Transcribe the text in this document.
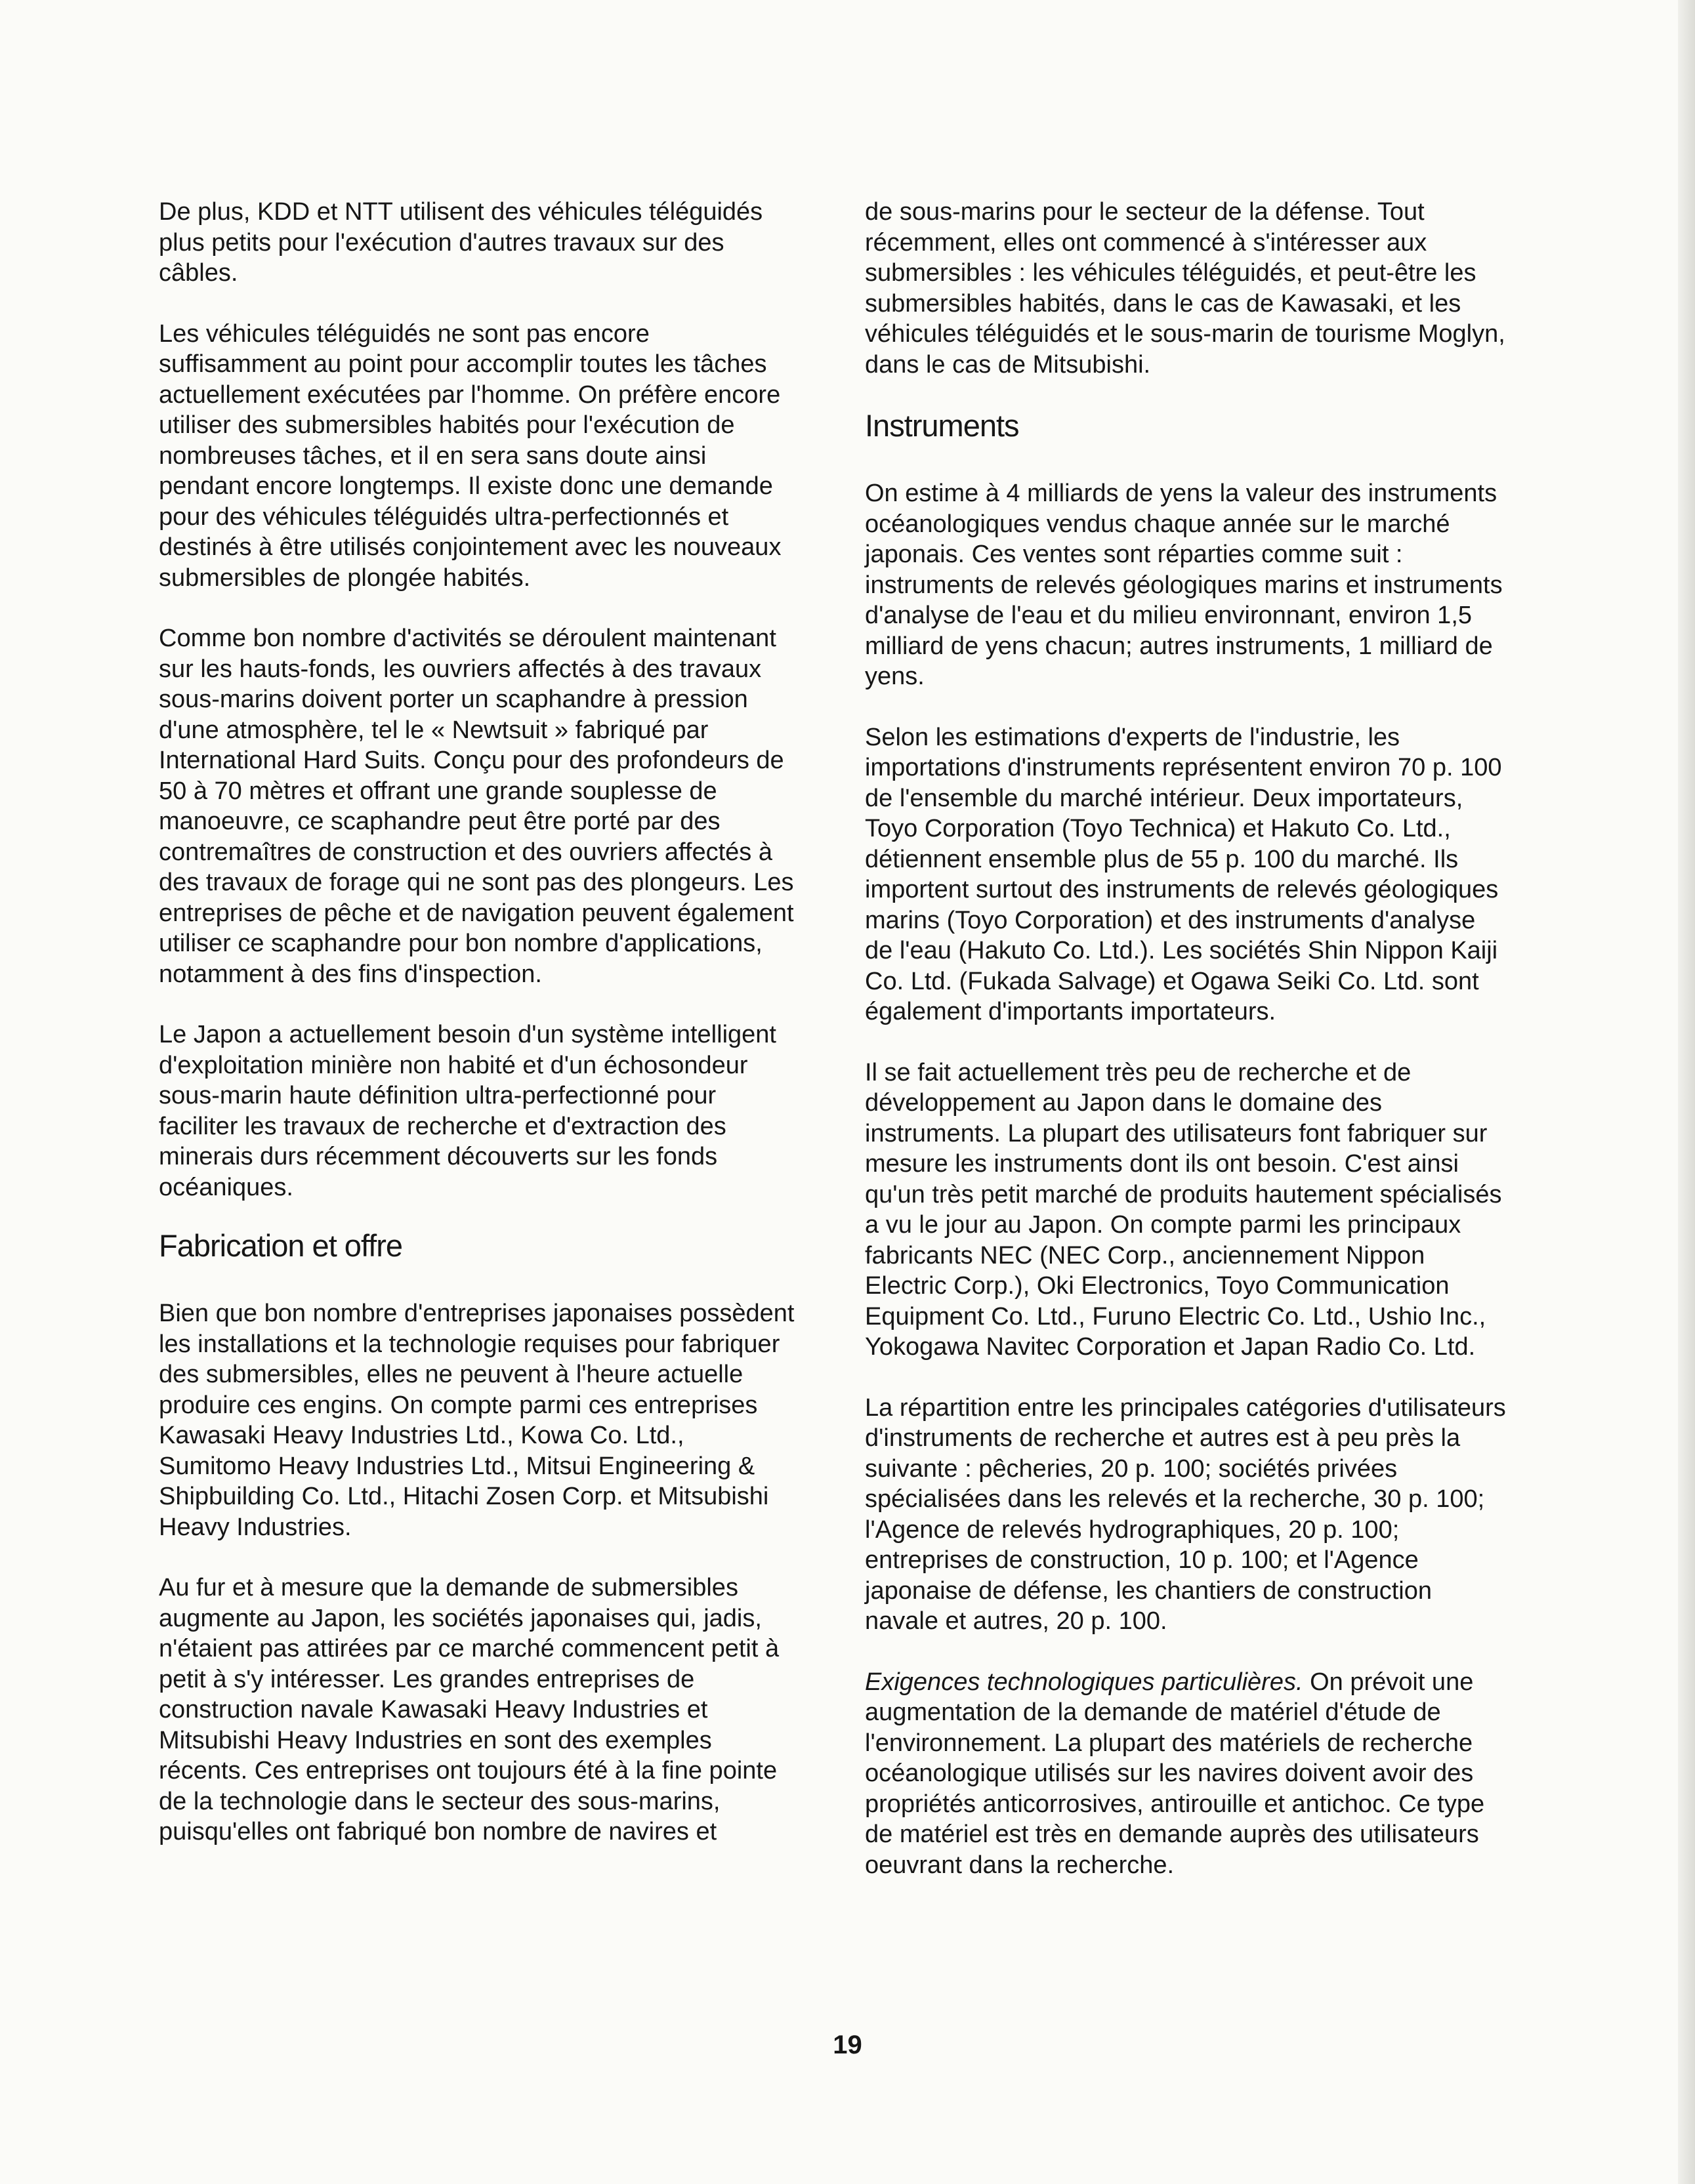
De plus, KDD et NTT utilisent des véhicules téléguidés plus petits pour l'exécution d'autres travaux sur des câbles.

Les véhicules téléguidés ne sont pas encore suffisamment au point pour accomplir toutes les tâches actuellement exécutées par l'homme. On préfère encore utiliser des submersibles habités pour l'exécution de nombreuses tâches, et il en sera sans doute ainsi pendant encore longtemps. Il existe donc une demande pour des véhicules téléguidés ultra-perfectionnés et destinés à être utilisés conjointement avec les nouveaux submersibles de plongée habités.

Comme bon nombre d'activités se déroulent maintenant sur les hauts-fonds, les ouvriers affectés à des travaux sous-marins doivent porter un scaphandre à pression d'une atmosphère, tel le « Newtsuit » fabriqué par International Hard Suits. Conçu pour des profondeurs de 50 à 70 mètres et offrant une grande souplesse de manoeuvre, ce scaphandre peut être porté par des contremaîtres de construction et des ouvriers affectés à des travaux de forage qui ne sont pas des plongeurs. Les entreprises de pêche et de navigation peuvent également utiliser ce scaphandre pour bon nombre d'applications, notamment à des fins d'inspection.

Le Japon a actuellement besoin d'un système intelligent d'exploitation minière non habité et d'un échosondeur sous-marin haute définition ultra-perfectionné pour faciliter les travaux de recherche et d'extraction des minerais durs récemment découverts sur les fonds océaniques.

Fabrication et offre

Bien que bon nombre d'entreprises japonaises possèdent les installations et la technologie requises pour fabriquer des submersibles, elles ne peuvent à l'heure actuelle produire ces engins. On compte parmi ces entreprises Kawasaki Heavy Industries Ltd., Kowa Co. Ltd., Sumitomo Heavy Industries Ltd., Mitsui Engineering & Shipbuilding Co. Ltd., Hitachi Zosen Corp. et Mitsubishi Heavy Industries.

Au fur et à mesure que la demande de submersibles augmente au Japon, les sociétés japonaises qui, jadis, n'étaient pas attirées par ce marché commencent petit à petit à s'y intéresser. Les grandes entreprises de construction navale Kawasaki Heavy Industries et Mitsubishi Heavy Industries en sont des exemples récents. Ces entreprises ont toujours été à la fine pointe de la technologie dans le secteur des sous-marins, puisqu'elles ont fabriqué bon nombre de navires et

de sous-marins pour le secteur de la défense. Tout récemment, elles ont commencé à s'intéresser aux submersibles : les véhicules téléguidés, et peut-être les submersibles habités, dans le cas de Kawasaki, et les véhicules téléguidés et le sous-marin de tourisme Moglyn, dans le cas de Mitsubishi.

Instruments

On estime à 4 milliards de yens la valeur des instruments océanologiques vendus chaque année sur le marché japonais. Ces ventes sont réparties comme suit : instruments de relevés géologiques marins et instruments d'analyse de l'eau et du milieu environnant, environ 1,5 milliard de yens chacun; autres instruments, 1 milliard de yens.

Selon les estimations d'experts de l'industrie, les importations d'instruments représentent environ 70 p. 100 de l'ensemble du marché intérieur. Deux importateurs, Toyo Corporation (Toyo Technica) et Hakuto Co. Ltd., détiennent ensemble plus de 55 p. 100 du marché. Ils importent surtout des instruments de relevés géologiques marins (Toyo Corporation) et des instruments d'analyse de l'eau (Hakuto Co. Ltd.). Les sociétés Shin Nippon Kaiji Co. Ltd. (Fukada Salvage) et Ogawa Seiki Co. Ltd. sont également d'importants importateurs.

Il se fait actuellement très peu de recherche et de développement au Japon dans le domaine des instruments. La plupart des utilisateurs font fabriquer sur mesure les instruments dont ils ont besoin. C'est ainsi qu'un très petit marché de produits hautement spécialisés a vu le jour au Japon. On compte parmi les principaux fabricants NEC (NEC Corp., anciennement Nippon Electric Corp.), Oki Electronics, Toyo Communication Equipment Co. Ltd., Furuno Electric Co. Ltd., Ushio Inc., Yokogawa Navitec Corporation et Japan Radio Co. Ltd.

La répartition entre les principales catégories d'utilisateurs d'instruments de recherche et autres est à peu près la suivante : pêcheries, 20 p. 100; sociétés privées spécialisées dans les relevés et la recherche, 30 p. 100; l'Agence de relevés hydrographiques, 20 p. 100; entreprises de construction, 10 p. 100; et l'Agence japonaise de défense, les chantiers de construction navale et autres, 20 p. 100.

Exigences technologiques particulières. On prévoit une augmentation de la demande de matériel d'étude de l'environnement. La plupart des matériels de recherche océanologique utilisés sur les navires doivent avoir des propriétés anticorrosives, antirouille et antichoc. Ce type de matériel est très en demande auprès des utilisateurs oeuvrant dans la recherche.

19
